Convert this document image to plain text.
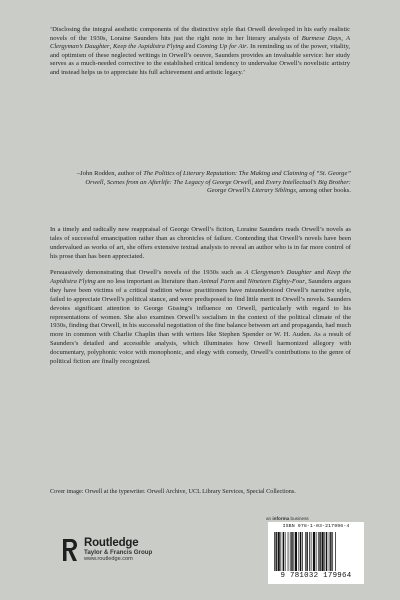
‘Disclosing the integral aesthetic components of the distinctive style that Orwell developed in his early realistic novels of the 1930s, Loraine Saunders hits just the right note in her literary analysis of Burmese Days, A Clergyman’s Daughter, Keep the Aspidistra Flying and Coming Up for Air. In reminding us of the power, vitality, and optimism of these neglected writings in Orwell’s oeuvre, Saunders provides an invaluable service: her study serves as a much-needed corrective to the established critical tendency to undervalue Orwell’s novelistic artistry and instead helps us to appreciate his full achievement and artistic legacy.’

–John Rodden, author of The Politics of Literary Reputation: The Making and Claiming of “St. George” Orwell, Scenes from an Afterlife: The Legacy of George Orwell, and Every Intellectual’s Big Brother: George Orwell’s Literary Siblings, among other books.

In a timely and radically new reappraisal of George Orwell’s fiction, Loraine Saunders reads Orwell’s novels as tales of successful emancipation rather than as chronicles of failure. Contending that Orwell’s novels have been undervalued as works of art, she offers extensive textual analysis to reveal an author who is in far more control of his prose than has been appreciated.

Persuasively demonstrating that Orwell’s novels of the 1930s such as A Clergyman’s Daughter and Keep the Aspidistra Flying are no less important as literature than Animal Farm and Nineteen Eighty-Four, Saunders argues they have been victims of a critical tradition whose practitioners have misunderstood Orwell’s narrative style, failed to appreciate Orwell’s political stance, and were predisposed to find little merit in Orwell’s novels. Saunders devotes significant attention to George Gissing’s influence on Orwell, particularly with regard to his representations of women. She also examines Orwell’s socialism in the context of the political climate of the 1930s, finding that Orwell, in his successful negotiation of the fine balance between art and propaganda, had much more in common with Charlie Chaplin than with writers like Stephen Spender or W. H. Auden. As a result of Saunders’s detailed and accessible analysis, which illuminates how Orwell harmonized allegory with documentary, polyphonic voice with monophonic, and elegy with comedy, Orwell’s contributions to the genre of political fiction are finally recognized.

Cover image: Orwell at the typewriter. Orwell Archive, UCL Library Services, Special Collections.

Routledge
Taylor & Francis Group
www.routledge.com
an informa business
ISBN 978-1-03-217996-4
9 781032 179964
